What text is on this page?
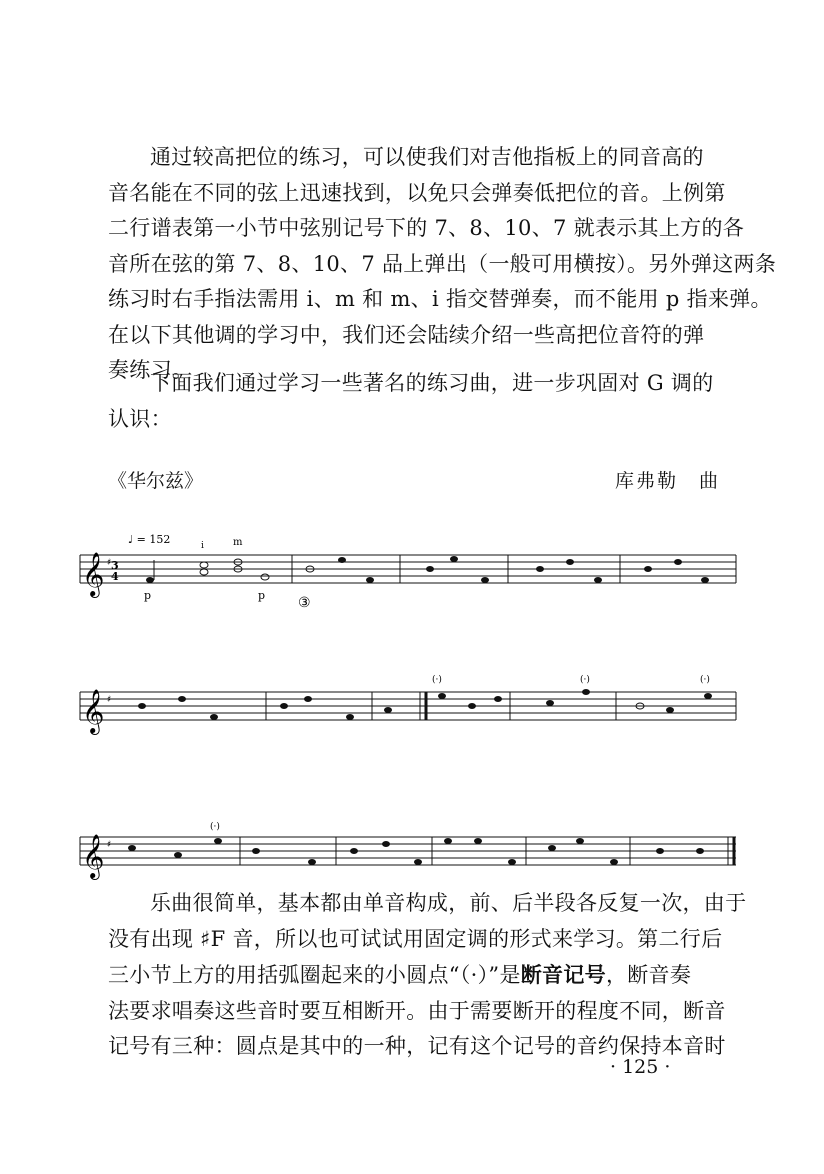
通过较高把位的练习，可以使我们对吉他指板上的同音高的
音名能在不同的弦上迅速找到，以免只会弹奏低把位的音。上例第
二行谱表第一小节中弦别记号下的 7、8、10、7 就表示其上方的各
音所在弦的第 7、8、10、7 品上弹出（一般可用横按）。另外弹这两条
练习时右手指法需用 i、m 和 m、i 指交替弹奏，而不能用 p 指来弹。
在以下其他调的学习中，我们还会陆续介绍一些高把位音符的弹
奏练习。
下面我们通过学习一些著名的练习曲，进一步巩固对 G 调的
认识：
《华尔兹》	库弗勒　曲
𝄞 ♯ 3
4
♩ = 152
p
i	m
p ③
𝄞 ♯
(·)	(·)	(·)
𝄞 ♯
(·)
乐曲很简单，基本都由单音构成，前、后半段各反复一次，由于
没有出现 ♯F 音，所以也可试试用固定调的形式来学习。第二行后
三小节上方的用括弧圈起来的小圆点“（·）”是断音记号，断音奏
法要求唱奏这些音时要互相断开。由于需要断开的程度不同，断音
记号有三种：圆点是其中的一种，记有这个记号的音约保持本音时
· 125 ·
